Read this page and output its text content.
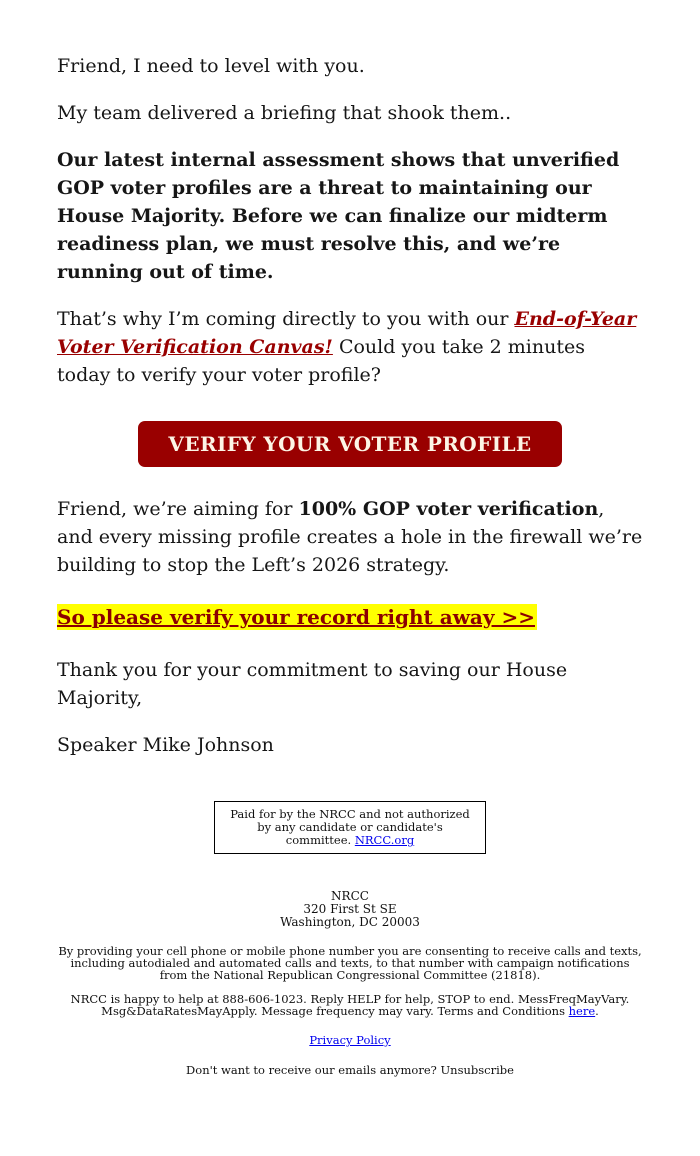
Friend, I need to level with you.

My team delivered a briefing that shook them..

Our latest internal assessment shows that unverified GOP voter profiles are a threat to maintaining our House Majority. Before we can finalize our midterm readiness plan, we must resolve this, and we’re running out of time.

That’s why I’m coming directly to you with our End-of-Year Voter Verification Canvas! Could you take 2 minutes today to verify your voter profile?

VERIFY YOUR VOTER PROFILE

Friend, we’re aiming for 100% GOP voter verification, and every missing profile creates a hole in the firewall we’re building to stop the Left’s 2026 strategy.

So please verify your record right away >>

Thank you for your commitment to saving our House Majority,

Speaker Mike Johnson

Paid for by the NRCC and not authorized by any candidate or candidate's committee. NRCC.org
NRCC
320 First St SE
Washington, DC 20003

By providing your cell phone or mobile phone number you are consenting to receive calls and texts, including autodialed and automated calls and texts, to that number with campaign notifications from the National Republican Congressional Committee (21818).

NRCC is happy to help at 888-606-1023. Reply HELP for help, STOP to end. MessFreqMayVary. Msg&DataRatesMayApply. Message frequency may vary. Terms and Conditions here.

Privacy Policy

Don't want to receive our emails anymore? Unsubscribe
